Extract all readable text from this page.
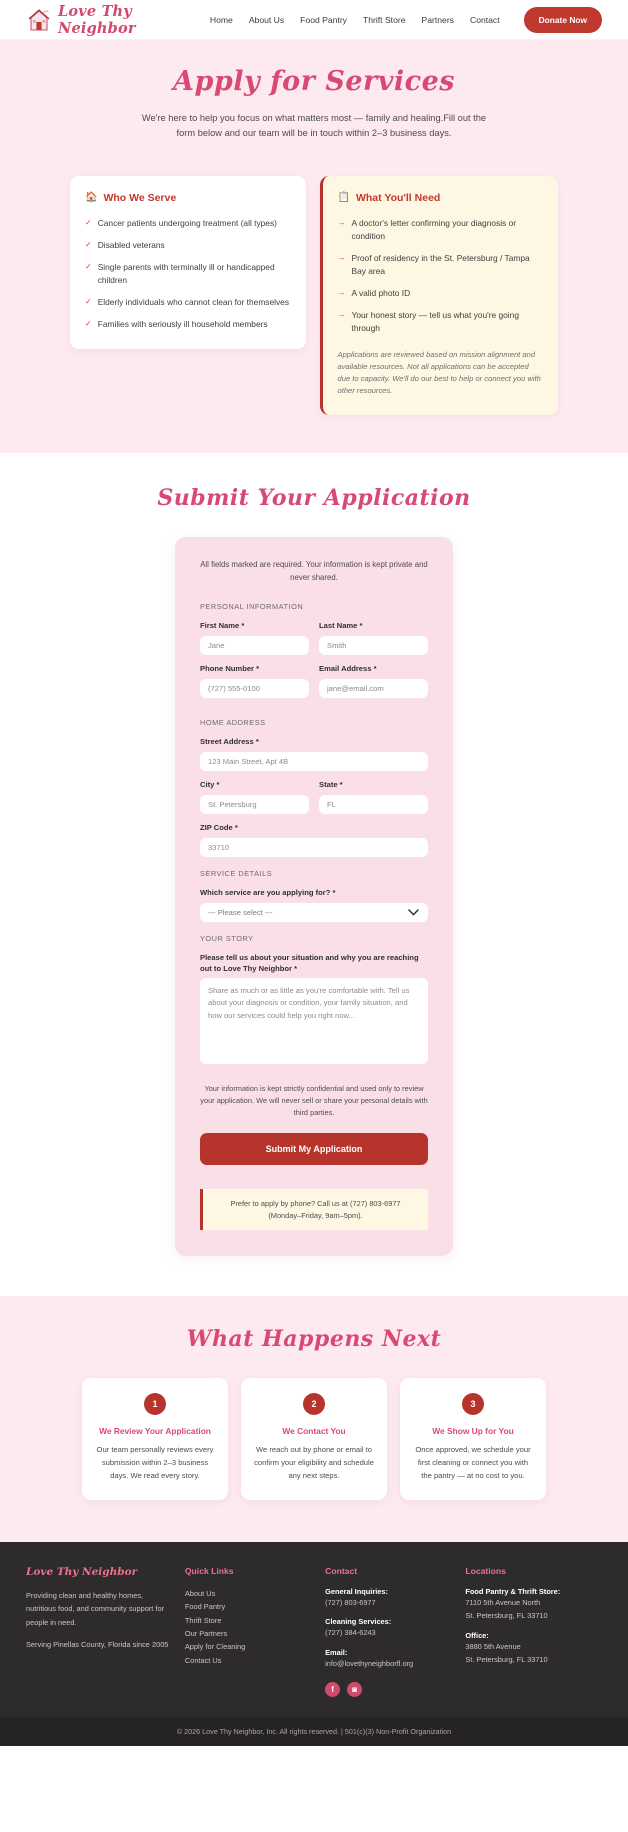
Love Thy Neighbor	Home About Us Food Pantry Thrift Store Partners Contact	Donate Now
Apply for Services

We're here to help you focus on what matters most — family and healing.Fill out the form below and our team will be in touch within 2–3 business days.

🏠 Who We Serve
✓ Cancer patients undergoing treatment (all types)
✓ Disabled veterans
✓ Single parents with terminally ill or handicapped children
✓ Elderly individuals who cannot clean for themselves
✓ Families with seriously ill household members
📋 What You'll Need
→ A doctor's letter confirming your diagnosis or condition
→ Proof of residency in the St. Petersburg / Tampa Bay area
→ A valid photo ID
→ Your honest story — tell us what you're going through

Applications are reviewed based on mission alignment and available resources. Not all applications can be accepted due to capacity. We'll do our best to help or connect you with other resources.

Submit Your Application

All fields marked are required. Your information is kept private and never shared.

PERSONAL INFORMATION
First Name *
Jane	Last Name *
Smith
Phone Number *
(727) 555-0100	Email Address *
jane@email.com
HOME ADDRESS
Street Address *
123 Main Street, Apt 4B
City *
St. Petersburg	State *
FL
ZIP Code *
33710
SERVICE DETAILS
Which service are you applying for? *
--- Please select ---
YOUR STORY
Please tell us about your situation and why you are reaching out to Love Thy Neighbor *
Share as much or as little as you're comfortable with. Tell us about your diagnosis or condition, your family situation, and how our services could help you right now...

Your information is kept strictly confidential and used only to review your application. We will never sell or share your personal details with third parties.

Submit My Application

Prefer to apply by phone? Call us at (727) 803-6977 (Monday–Friday, 9am–5pm).

What Happens Next
1
We Review Your Application
Our team personally reviews every submission within 2–3 business days. We read every story.
2
We Contact You
We reach out by phone or email to confirm your eligibility and schedule any next steps.
3
We Show Up for You
Once approved, we schedule your first cleaning or connect you with the pantry — at no cost to you.
Love Thy Neighbor

Providing clean and healthy homes, nutritious food, and community support for people in need.

Serving Pinellas County, Florida since 2005

Quick Links
About Us
Food Pantry
Thrift Store
Our Partners
Apply for Cleaning
Contact Us
Contact
General Inquiries:

(727) 803-6977

Cleaning Services:

(727) 384-6243

Email:

info@lovethyneighborfl.org

f	◙
Locations
Food Pantry & Thrift Store:

7110 5th Avenue North

St. Petersburg, FL 33710

Office:

3880 5th Avenue

St. Petersburg, FL 33710

© 2026 Love Thy Neighbor, Inc. All rights reserved. | 501(c)(3) Non-Profit Organization
